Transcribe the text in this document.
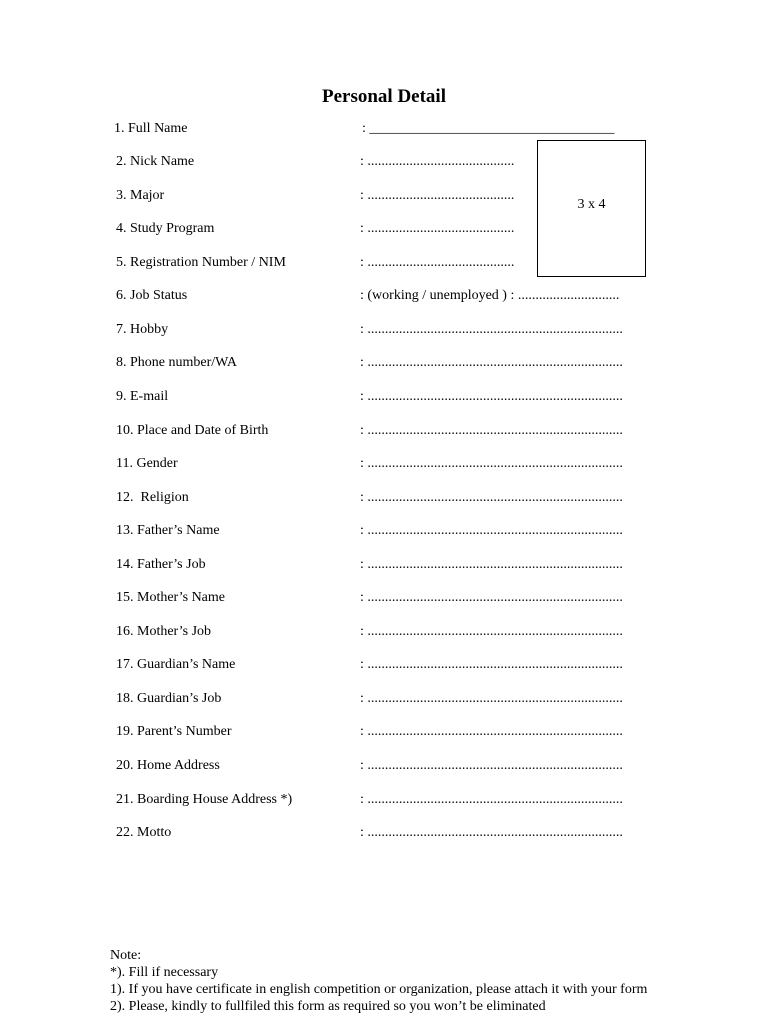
Personal Detail
1. Full Name	: ___________________________________
2. Nick Name	: ..........................................
3. Major	: ..........................................
4. Study Program	: ..........................................
5. Registration Number / NIM	: ..........................................
6. Job Status	: (working / unemployed ) : .............................
7. Hobby	: .........................................................................
8. Phone number/WA	: .........................................................................
9. E-mail	: .........................................................................
10. Place and Date of Birth	: .........................................................................
11. Gender	: .........................................................................
12.  Religion	: .........................................................................
13. Father’s Name	: .........................................................................
14. Father’s Job	: .........................................................................
15. Mother’s Name	: .........................................................................
16. Mother’s Job	: .........................................................................
17. Guardian’s Name	: .........................................................................
18. Guardian’s Job	: .........................................................................
19. Parent’s Number	: .........................................................................
20. Home Address	: .........................................................................
21. Boarding House Address *)	: .........................................................................
22. Motto	: .........................................................................
3 x 4
Note:
*). Fill if necessary
1). If you have certificate in english competition or organization, please attach it with your form
2). Please, kindly to fullfiled this form as required so you won’t be eliminated
